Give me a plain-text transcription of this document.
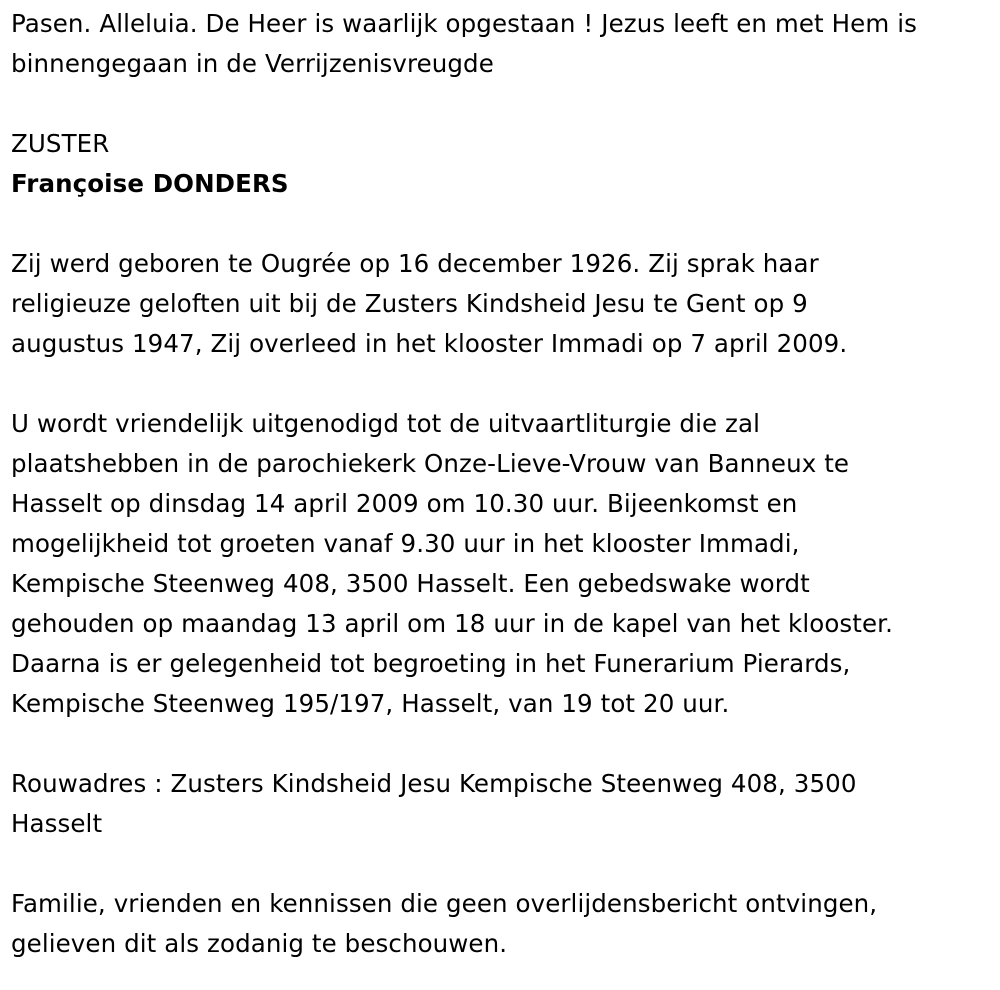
Pasen. Alleluia. De Heer is waarlijk opgestaan ! Jezus leeft en met Hem is
binnengegaan in de Verrijzenisvreugde

ZUSTER

Françoise DONDERS

Zij werd geboren te Ougrée op 16 december 1926. Zij sprak haar
religieuze geloften uit bij de Zusters Kindsheid Jesu te Gent op 9
augustus 1947, Zij overleed in het klooster Immadi op 7 april 2009.

U wordt vriendelijk uitgenodigd tot de uitvaartliturgie die zal
plaatshebben in de parochiekerk Onze-Lieve-Vrouw van Banneux te
Hasselt op dinsdag 14 april 2009 om 10.30 uur. Bijeenkomst en
mogelijkheid tot groeten vanaf 9.30 uur in het klooster Immadi,
Kempische Steenweg 408, 3500 Hasselt. Een gebedswake wordt
gehouden op maandag 13 april om 18 uur in de kapel van het klooster.
Daarna is er gelegenheid tot begroeting in het Funerarium Pierards,
Kempische Steenweg 195/197, Hasselt, van 19 tot 20 uur.

Rouwadres : Zusters Kindsheid Jesu Kempische Steenweg 408, 3500
Hasselt

Familie, vrienden en kennissen die geen overlijdensbericht ontvingen,
gelieven dit als zodanig te beschouwen.
